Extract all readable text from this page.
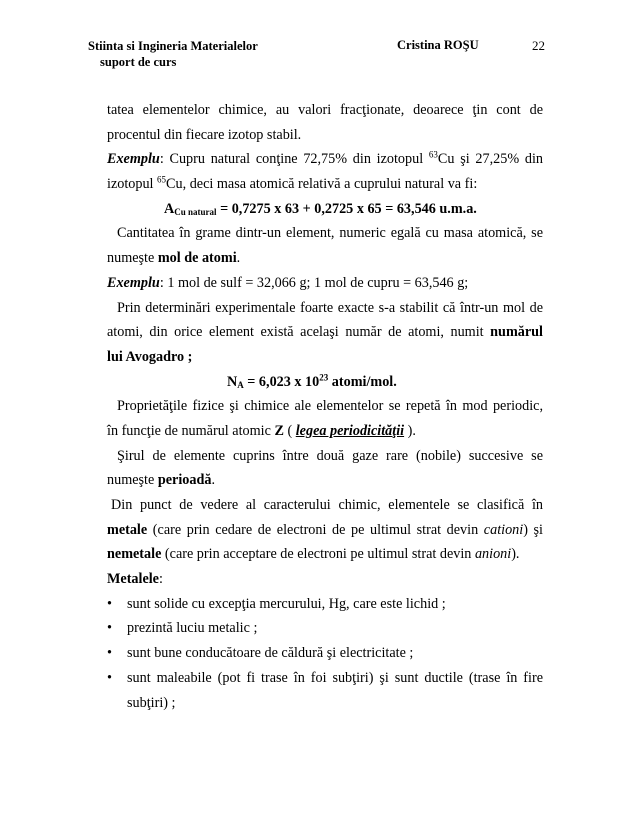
Stiinta si Ingineria Materialelor
suport de curs
Cristina ROŞU	22
tatea elementelor chimice, au valori fracţionate, deoarece ţin cont de
procentul din fiecare izotop stabil.
Exemplu: Cupru natural conţine 72,75% din izotopul $^{63}$Cu şi 27,25% din
izotopul $^{65}$Cu, deci masa atomică relativă a cuprului natural va fi:
$A_{Cu natural} = 0,7275$ x 63 + 0,2725 x 65 = 63,546 u.m.a.
Cantitatea în grame dintr-un element, numeric egală cu masa atomică, se
numeşte mol de atomi.
Exemplu: 1 mol de sulf = 32,066 g; 1 mol de cupru = 63,546 g;
Prin determinări experimentale foarte exacte s-a stabilit că într-un mol de
atomi, din orice element există acelaşi număr de atomi, numit numărul
lui Avogadro ;
$N_A = 6,023$ x $10^{23}$ atomi/mol.
Proprietăţile fizice şi chimice ale elementelor se repetă în mod periodic,
în funcţie de numărul atomic Z ( legea periodicităţii ).
Şirul de elemente cuprins între două gaze rare (nobile) succesive se
numeşte perioadă.
Din punct de vedere al caracterului chimic, elementele se clasifică în
metale (care prin cedare de electroni de pe ultimul strat devin cationi) şi
nemetale (care prin acceptare de electroni pe ultimul strat devin anioni).
Metalele:
• sunt solide cu excepţia mercurului, Hg, care este lichid ;
• prezintă luciu metalic ;
• sunt bune conducătoare de căldură şi electricitate ;
• sunt maleabile (pot fi trase în foi subţiri) şi sunt ductile (trase în fire
subţiri) ;
